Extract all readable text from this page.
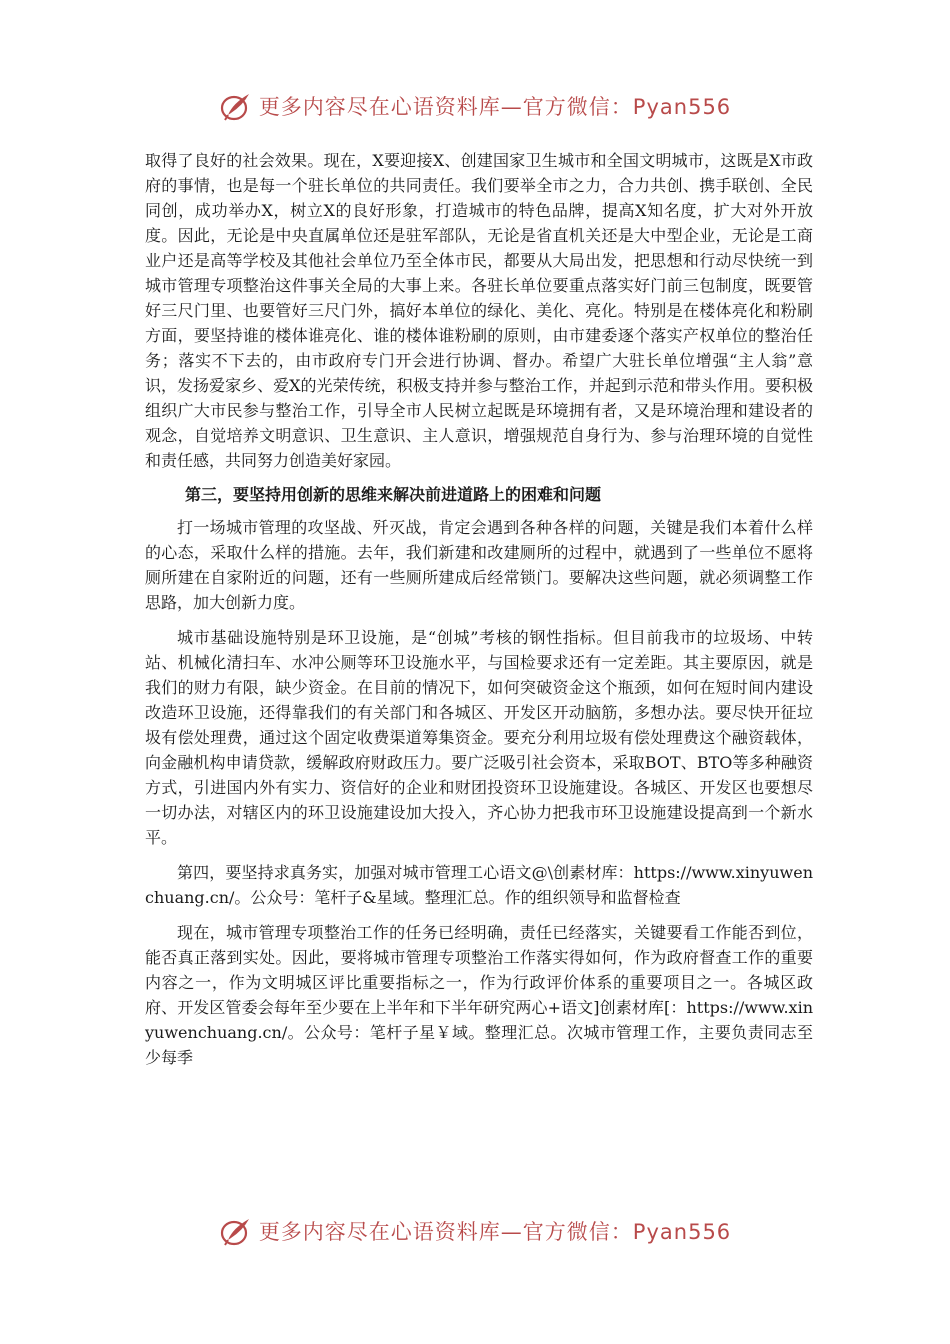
更多内容尽在心语资料库—官方微信：Pyan556

取得了良好的社会效果。现在，X要迎接X、创建国家卫生城市和全国文明城市，这既是X市政府的事情，也是每一个驻长单位的共同责任。我们要举全市之力，合力共创、携手联创、全民同创，成功举办X，树立X的良好形象，打造城市的特色品牌，提高X知名度，扩大对外开放度。因此，无论是中央直属单位还是驻军部队，无论是省直机关还是大中型企业，无论是工商业户还是高等学校及其他社会单位乃至全体市民，都要从大局出发，把思想和行动尽快统一到城市管理专项整治这件事关全局的大事上来。各驻长单位要重点落实好门前三包制度，既要管好三尺门里、也要管好三尺门外，搞好本单位的绿化、美化、亮化。特别是在楼体亮化和粉刷方面，要坚持谁的楼体谁亮化、谁的楼体谁粉刷的原则，由市建委逐个落实产权单位的整治任务；落实不下去的，由市政府专门开会进行协调、督办。希望广大驻长单位增强“主人翁”意识，发扬爱家乡、爱X的光荣传统，积极支持并参与整治工作，并起到示范和带头作用。要积极组织广大市民参与整治工作，引导全市人民树立起既是环境拥有者，又是环境治理和建设者的观念，自觉培养文明意识、卫生意识、主人意识，增强规范自身行为、参与治理环境的自觉性和责任感，共同努力创造美好家园。

第三，要坚持用创新的思维来解决前进道路上的困难和问题

打一场城市管理的攻坚战、歼灭战，肯定会遇到各种各样的问题，关键是我们本着什么样的心态，采取什么样的措施。去年，我们新建和改建厕所的过程中，就遇到了一些单位不愿将厕所建在自家附近的问题，还有一些厕所建成后经常锁门。要解决这些问题，就必须调整工作思路，加大创新力度。

城市基础设施特别是环卫设施，是“创城”考核的钢性指标。但目前我市的垃圾场、中转站、机械化清扫车、水冲公厕等环卫设施水平，与国检要求还有一定差距。其主要原因，就是我们的财力有限，缺少资金。在目前的情况下，如何突破资金这个瓶颈，如何在短时间内建设改造环卫设施，还得靠我们的有关部门和各城区、开发区开动脑筋，多想办法。要尽快开征垃圾有偿处理费，通过这个固定收费渠道筹集资金。要充分利用垃圾有偿处理费这个融资载体，向金融机构申请贷款，缓解政府财政压力。要广泛吸引社会资本，采取BOT、BTO等多种融资方式，引进国内外有实力、资信好的企业和财团投资环卫设施建设。各城区、开发区也要想尽一切办法，对辖区内的环卫设施建设加大投入，齐心协力把我市环卫设施建设提高到一个新水平。

第四，要坚持求真务实，加强对城市管理工心语文@\创素材库：https://www.xinyuwenchuang.cn/。公众号：笔杆子&星域。整理汇总。作的组织领导和监督检查

现在，城市管理专项整治工作的任务已经明确，责任已经落实，关键要看工作能否到位，能否真正落到实处。因此，要将城市管理专项整治工作落实得如何，作为政府督查工作的重要内容之一，作为文明城区评比重要指标之一，作为行政评价体系的重要项目之一。各城区政府、开发区管委会每年至少要在上半年和下半年研究两心+语文]创素材库[：https://www.xinyuwenchuang.cn/。公众号：笔杆子星￥域。整理汇总。次城市管理工作，主要负责同志至少每季

更多内容尽在心语资料库—官方微信：Pyan556
